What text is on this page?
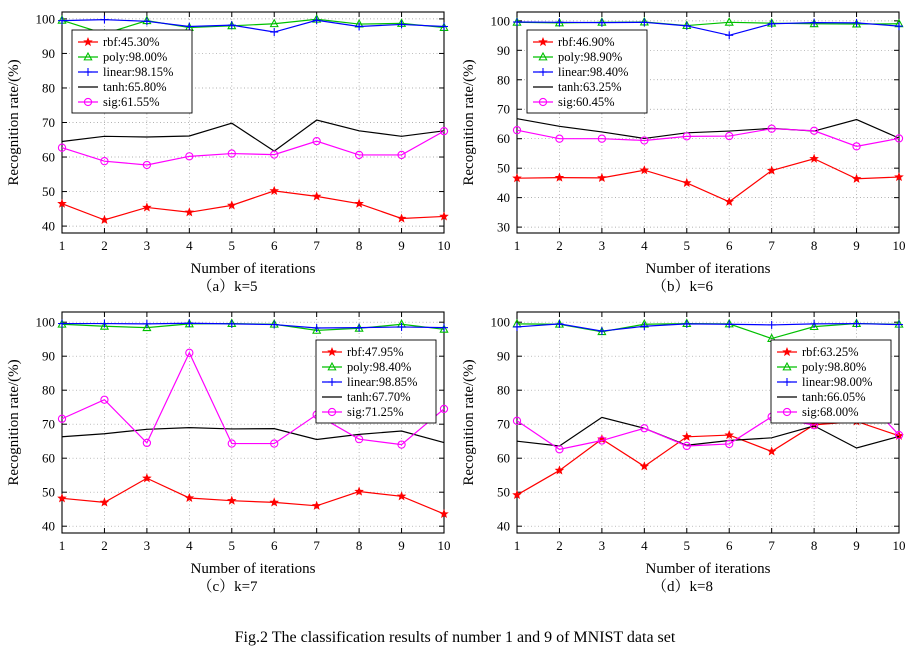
40
50
60
70
80
90
100
1	2	3	4	5	6	7	8	9	10
Number of iterations
Recognition rate/(%)
rbf:45.30%
poly:98.00%
linear:98.15%
tanh:65.80%
sig:61.55%
（a）k=5
30
40
50
60
70
80
90
100
1	2	3	4	5	6	7	8	9	10
Number of iterations
Recognition rate/(%)
rbf:46.90%
poly:98.90%
linear:98.40%
tanh:63.25%
sig:60.45%
（b）k=6
40
50
60
70
80
90
100
1	2	3	4	5	6	7	8	9	10
Number of iterations
Recognition rate/(%)
rbf:47.95%
poly:98.40%
linear:98.85%
tanh:67.70%
sig:71.25%
（c）k=7
40
50
60
70
80
90
100
1	2	3	4	5	6	7	8	9	10
Number of iterations
Recognition rate/(%)
rbf:63.25%
poly:98.80%
linear:98.00%
tanh:66.05%
sig:68.00%
（d）k=8
Fig.2 The classification results of number 1 and 9 of MNIST data set
